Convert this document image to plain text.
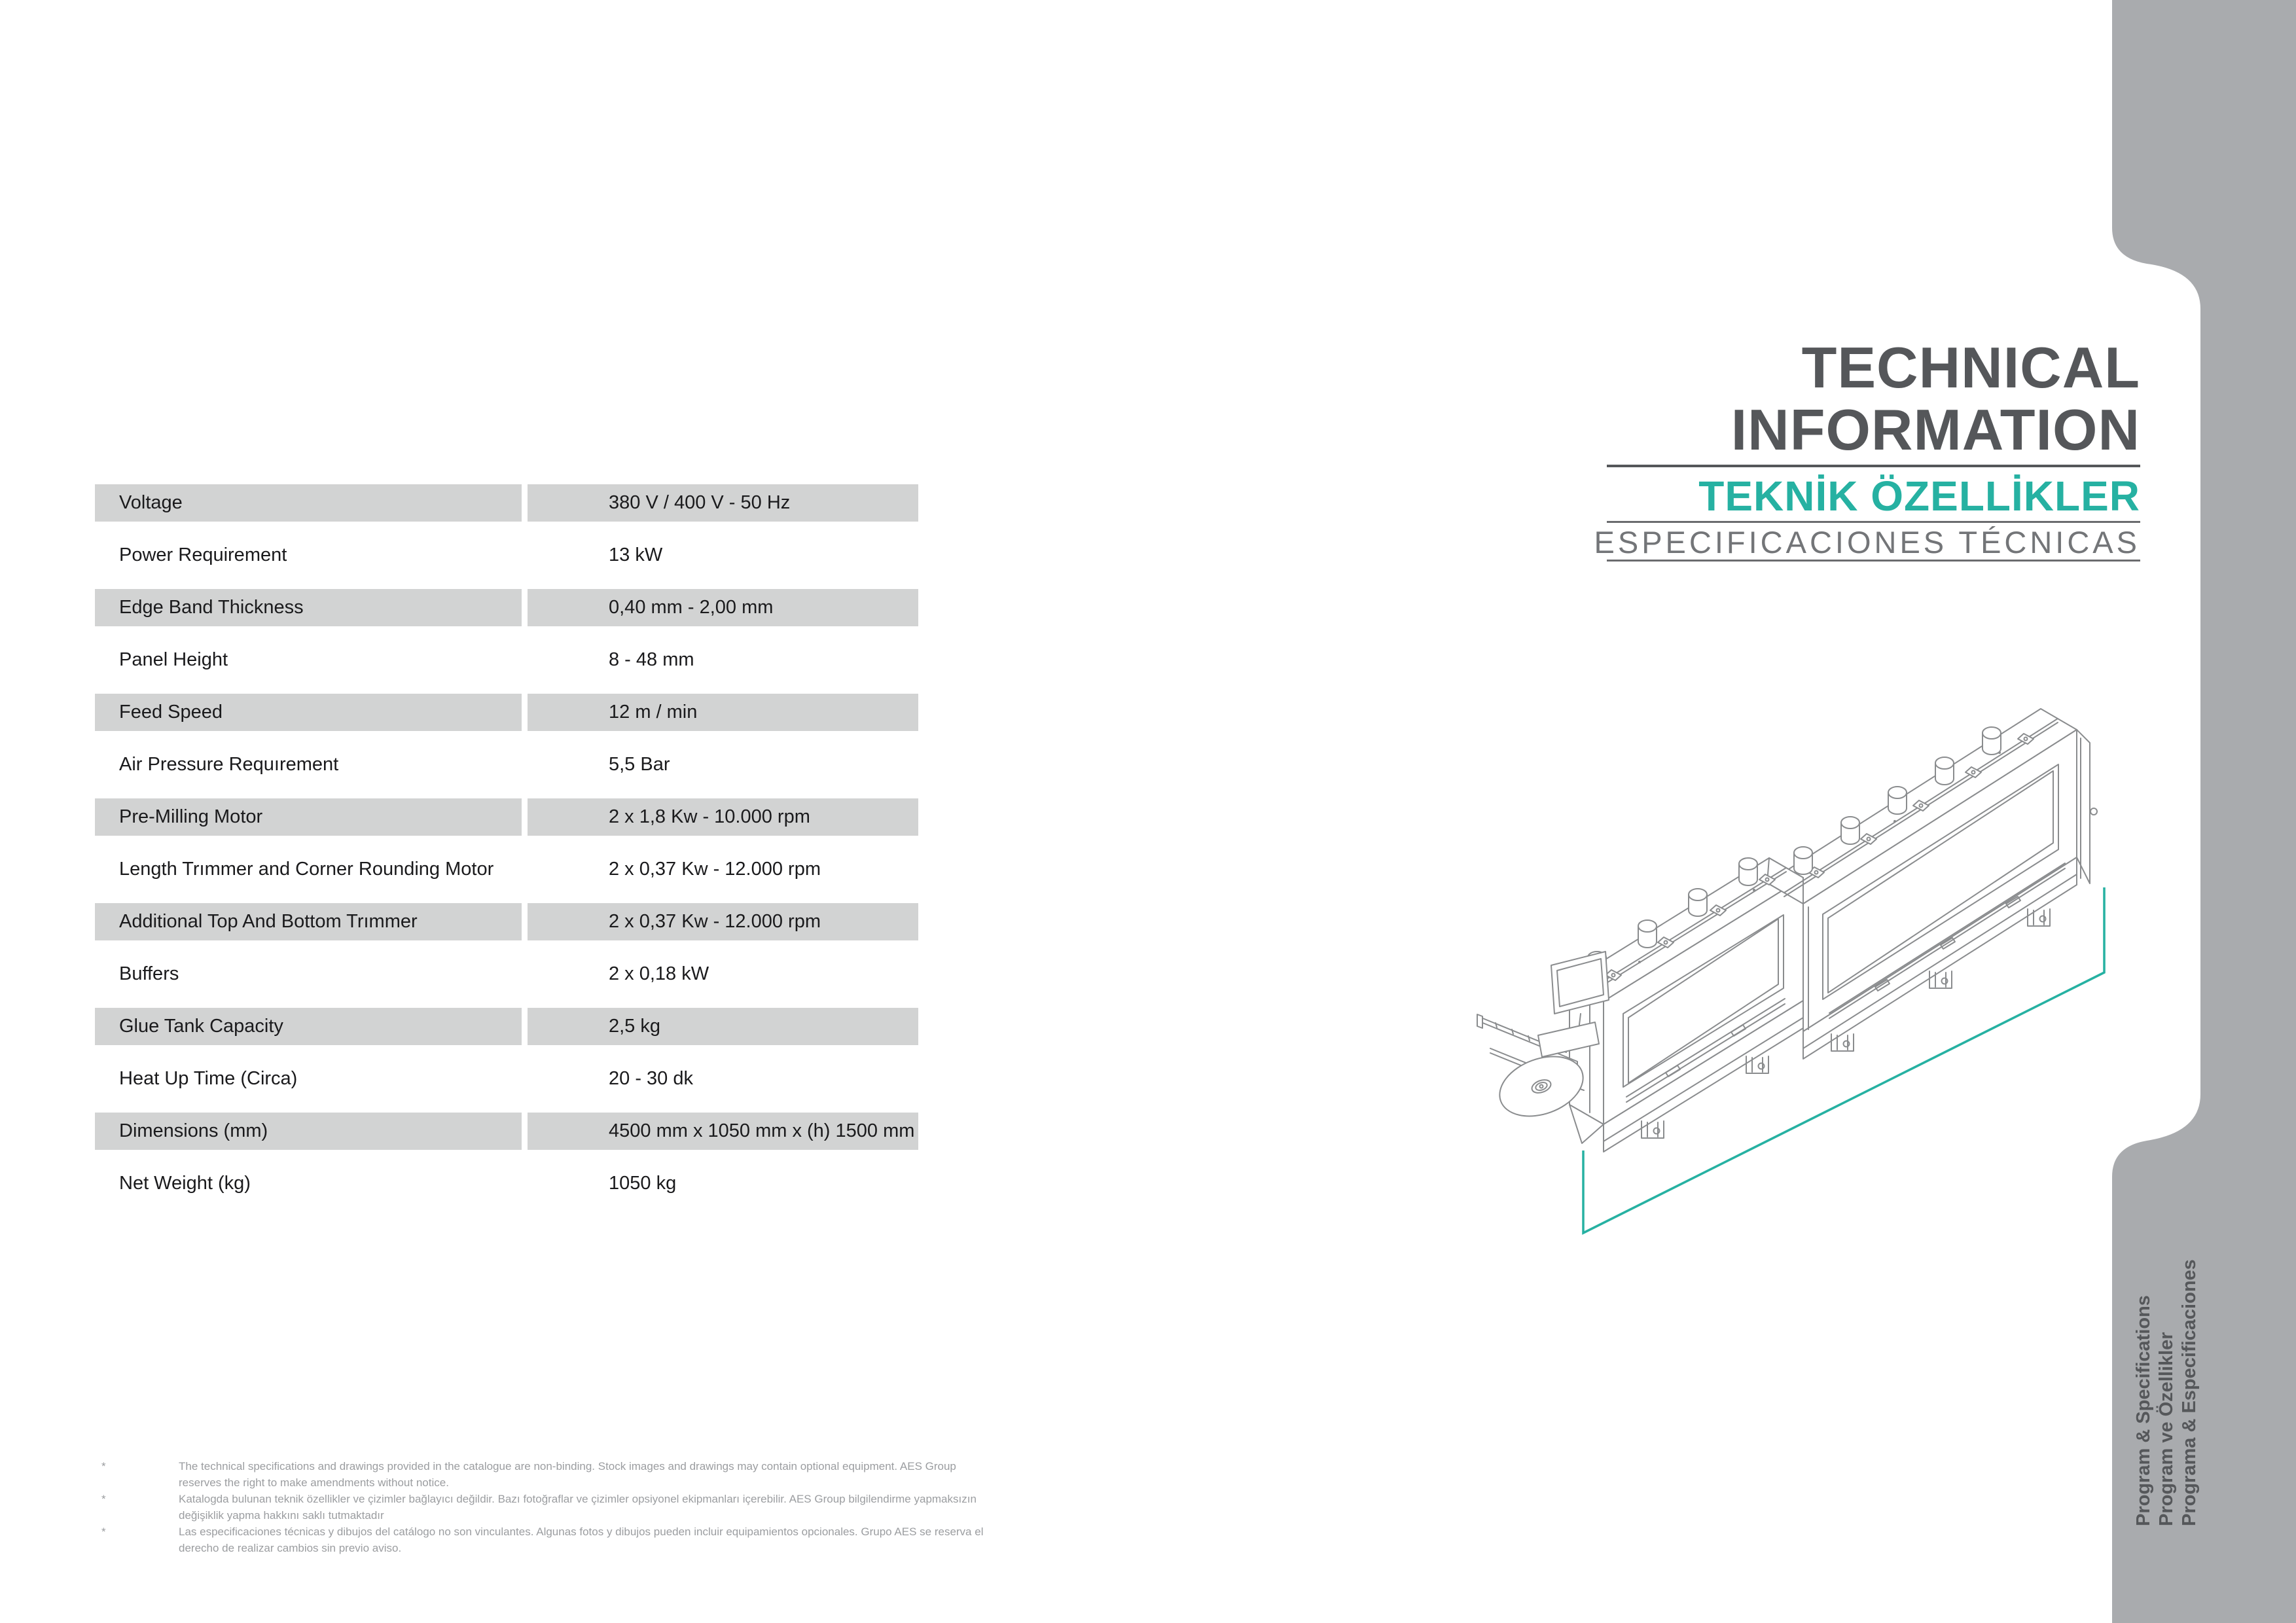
Voltage	380 V / 400 V - 50 Hz
Power Requirement	13 kW
Edge Band Thickness	0,40 mm - 2,00 mm
Panel Height	8 - 48 mm
Feed Speed	12 m / min
Air Pressure Requırement	5,5 Bar
Pre-Milling Motor	2 x 1,8 Kw - 10.000 rpm
Length Trımmer and Corner Rounding Motor	2 x 0,37 Kw - 12.000 rpm
Additional Top And Bottom Trımmer	2 x 0,37 Kw - 12.000 rpm
Buffers	2 x 0,18 kW
Glue Tank Capacity	2,5 kg
Heat Up Time (Circa)	20 - 30 dk
Dimensions (mm)	4500 mm x 1050 mm x (h) 1500 mm
Net Weight (kg)	1050 kg
TECHNICAL
INFORMATION
TEKNİK ÖZELLİKLER
ESPECIFICACIONES TÉCNICAS
Program & Specifications Program ve Özellikler Programa & Especificaciones
*	The technical specifications and drawings provided in the catalogue are non-binding. Stock images and drawings may contain optional equipment. AES Group reserves the right to make amendments without notice.
*	Katalogda bulunan teknik özellikler ve çizimler bağlayıcı değildir. Bazı fotoğraflar ve çizimler opsiyonel ekipmanları içerebilir. AES Group bilgilendirme yapmaksızın değişiklik yapma hakkını saklı tutmaktadır
*	Las especificaciones técnicas y dibujos del catálogo no son vinculantes. Algunas fotos y dibujos pueden incluir equipamientos opcionales. Grupo AES se reserva el derecho de realizar cambios sin previo aviso.
